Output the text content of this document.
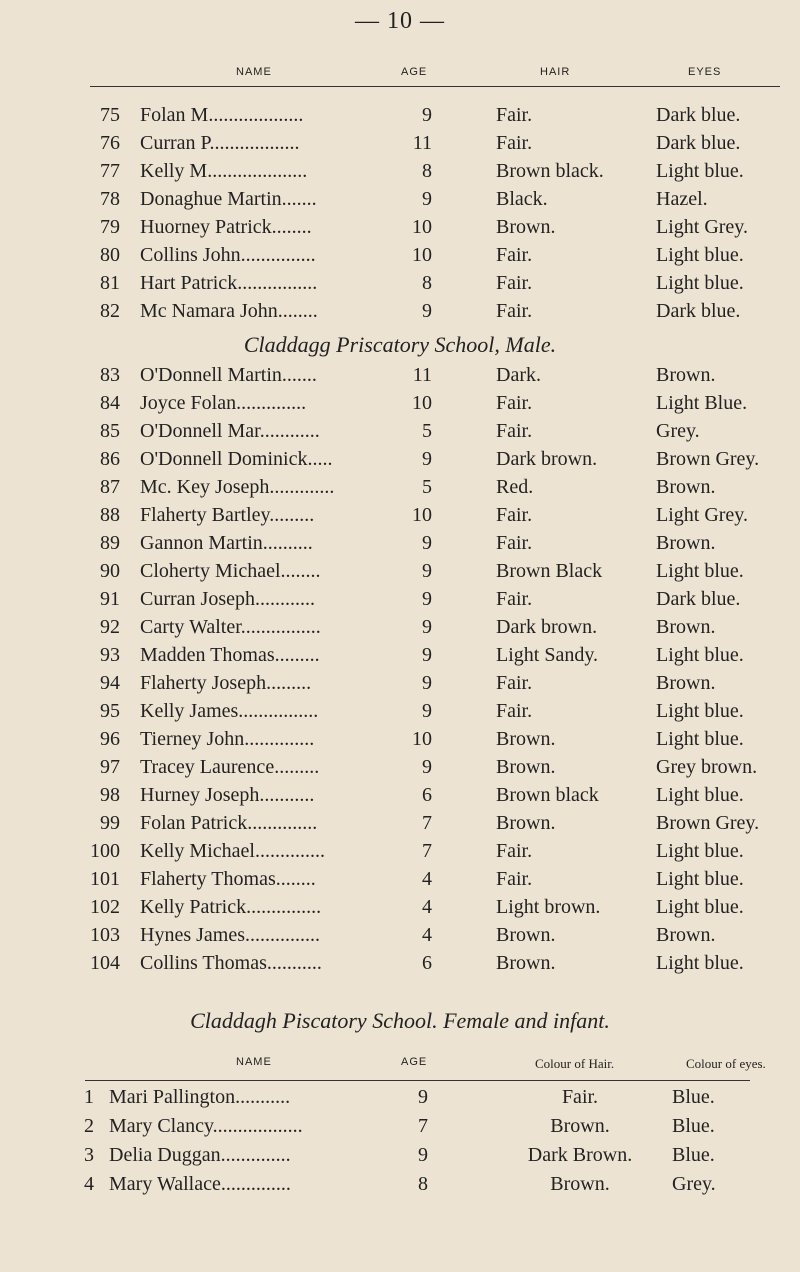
— 10 —
NAME	AGE	HAIR	EYES
75 Folan M...................	9	Fair.	Dark blue.
76 Curran P..................	11	Fair.	Dark blue.
77 Kelly M....................	8	Brown black.	Light blue.
78 Donaghue Martin.......	9	Black.	Hazel.
79 Huorney Patrick........	10	Brown.	Light Grey.
80 Collins John...............	10	Fair.	Light blue.
81 Hart Patrick................	8	Fair.	Light blue.
82 Mc Namara John........	9	Fair.	Dark blue.
Claddagg Priscatory School, Male.
83 O'Donnell Martin.......	11	Dark.	Brown.
84 Joyce Folan..............	10	Fair.	Light Blue.
85 O'Donnell Mar............	5	Fair.	Grey.
86 O'Donnell Dominick.....	9	Dark brown.	Brown Grey.
87 Mc. Key Joseph.............	5	Red.	Brown.
88 Flaherty Bartley.........	10	Fair.	Light Grey.
89 Gannon Martin..........	9	Fair.	Brown.
90 Cloherty Michael........	9	Brown Black	Light blue.
91 Curran Joseph............	9	Fair.	Dark blue.
92 Carty Walter................	9	Dark brown.	Brown.
93 Madden Thomas.........	9	Light Sandy.	Light blue.
94 Flaherty Joseph.........	9	Fair.	Brown.
95 Kelly James................	9	Fair.	Light blue.
96 Tierney John..............	10	Brown.	Light blue.
97 Tracey Laurence.........	9	Brown.	Grey brown.
98 Hurney Joseph...........	6	Brown black	Light blue.
99 Folan Patrick..............	7	Brown.	Brown Grey.
100 Kelly Michael..............	7	Fair.	Light blue.
101 Flaherty Thomas........	4	Fair.	Light blue.
102 Kelly Patrick...............	4	Light brown.	Light blue.
103 Hynes James...............	4	Brown.	Brown.
104 Collins Thomas...........	6	Brown.	Light blue.
Claddagh Piscatory School. Female and infant.
NAME	AGE	Colour of Hair.	Colour of eyes.
1 Mari Pallington...........	9	Fair.	Blue.
2 Mary Clancy..................	7	Brown.	Blue.
3 Delia Duggan..............	9	Dark Brown.	Blue.
4 Mary Wallace..............	8	Brown.	Grey.
